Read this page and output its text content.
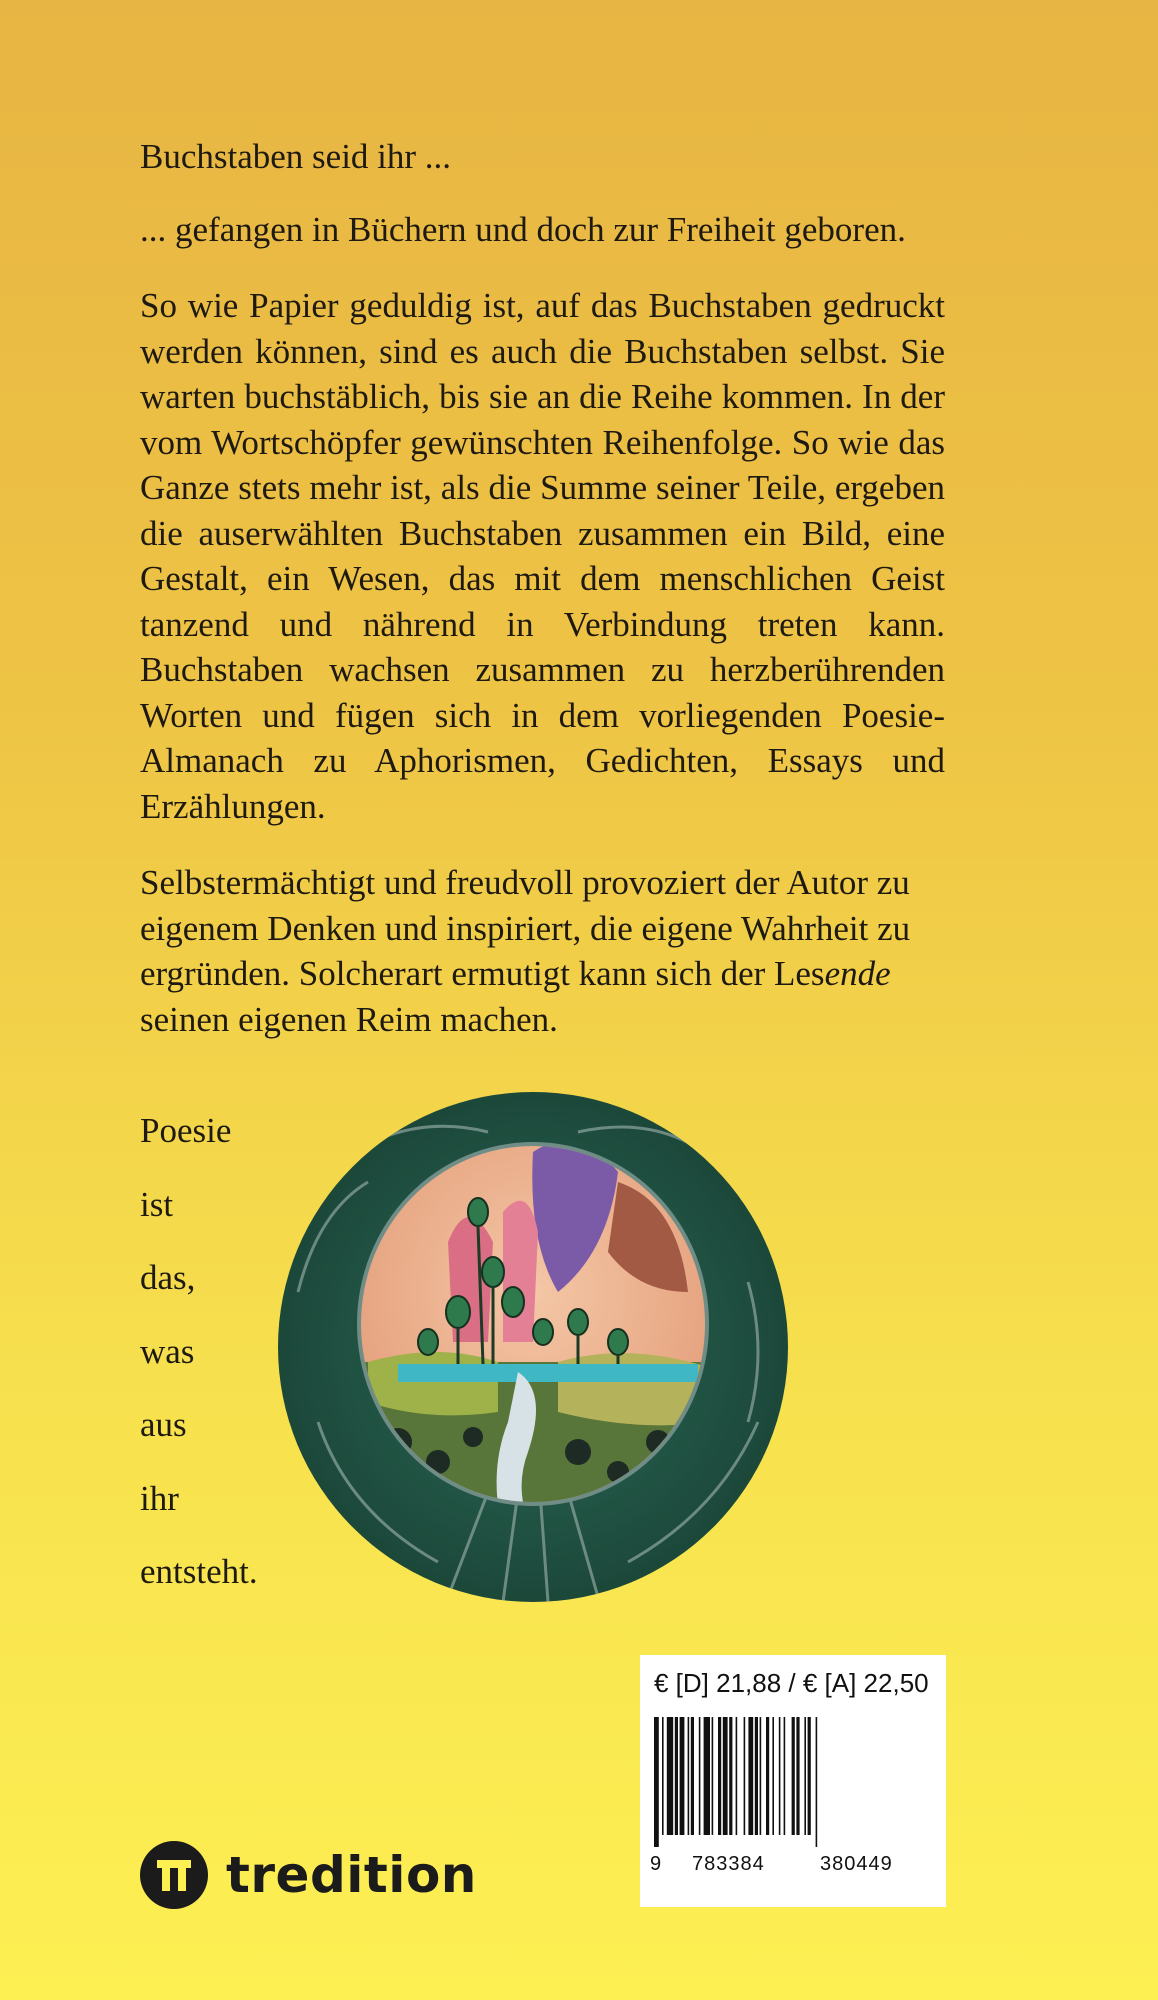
Buchstaben seid ihr ...

... gefangen in Büchern und doch zur Freiheit geboren.

So wie Papier geduldig ist, auf das Buchstaben gedruckt werden können, sind es auch die Buchstaben selbst. Sie warten buchstäblich, bis sie an die Reihe kommen. In der vom Wortschöpfer gewünschten Reihenfolge. So wie das Ganze stets mehr ist, als die Summe seiner Teile, ergeben die auserwählten Buchstaben zusammen ein Bild, eine Gestalt, ein Wesen, das mit dem menschlichen Geist tanzend und nährend in Verbindung treten kann. Buchstaben wachsen zusammen zu herzberührenden Worten und fügen sich in dem vorliegenden Poesie-Almanach zu Aphorismen, Gedichten, Essays und Erzählungen.

Selbstermächtigt und freudvoll provoziert der Autor zu eigenem Denken und inspiriert, die eigene Wahrheit zu ergründen. Solcherart ermutigt kann sich der Lesende seinen eigenen Reim machen.

Poesie
ist
das,
was
aus
ihr
entsteht.
€ [D] 21,88 / € [A] 22,50
9 783384	380449
tredition
